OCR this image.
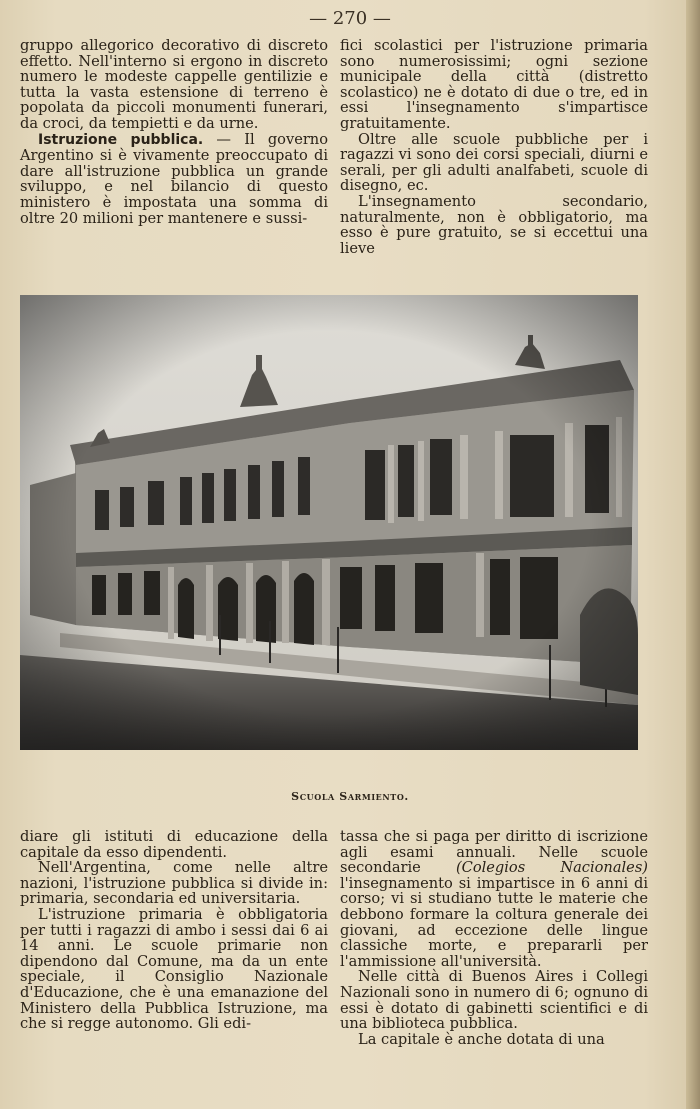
— 270 —

gruppo allegorico decorativo di discreto effetto. Nell'interno si ergono in discreto numero le modeste cappelle gentilizie e tutta la vasta estensione di terreno è popolata da piccoli monumenti funerari, da croci, da tempietti e da urne.

Istruzione pubblica. — Il governo Argentino si è vivamente preoccupato di dare all'istruzione pubblica un grande sviluppo, e nel bilancio di questo ministero è impostata una somma di oltre 20 milioni per mantenere e sussi-

fici scolastici per l'istruzione primaria sono numerosissimi; ogni sezione municipale della città (distretto scolastico) ne è dotato di due o tre, ed in essi l'insegnamento s'impartisce gratuitamente.

Oltre alle scuole pubbliche per i ragazzi vi sono dei corsi speciali, diurni e serali, per gli adulti analfabeti, scuole di disegno, ec.

L'insegnamento secondario, naturalmente, non è obbligatorio, ma esso è pure gratuito, se si eccettui una lieve

Scuola Sarmiento.

diare gli istituti di educazione della capitale da esso dipendenti.

Nell'Argentina, come nelle altre nazioni, l'istruzione pubblica si divide in: primaria, secondaria ed universitaria.

L'istruzione primaria è obbligatoria per tutti i ragazzi di ambo i sessi dai 6 ai 14 anni. Le scuole primarie non dipendono dal Comune, ma da un ente speciale, il Consiglio Nazionale d'Educazione, che è una emanazione del Ministero della Pubblica Istruzione, ma che si regge autonomo. Gli edi-

tassa che si paga per diritto di iscrizione agli esami annuali. Nelle scuole secondarie (Colegios Nacionales) l'insegnamento si impartisce in 6 anni di corso; vi si studiano tutte le materie che debbono formare la coltura generale dei giovani, ad eccezione delle lingue classiche morte, e prepararli per l'ammissione all'università.

Nelle città di Buenos Aires i Collegi Nazionali sono in numero di 6; ognuno di essi è dotato di gabinetti scientifici e di una biblioteca pubblica.

La capitale è anche dotata di una
